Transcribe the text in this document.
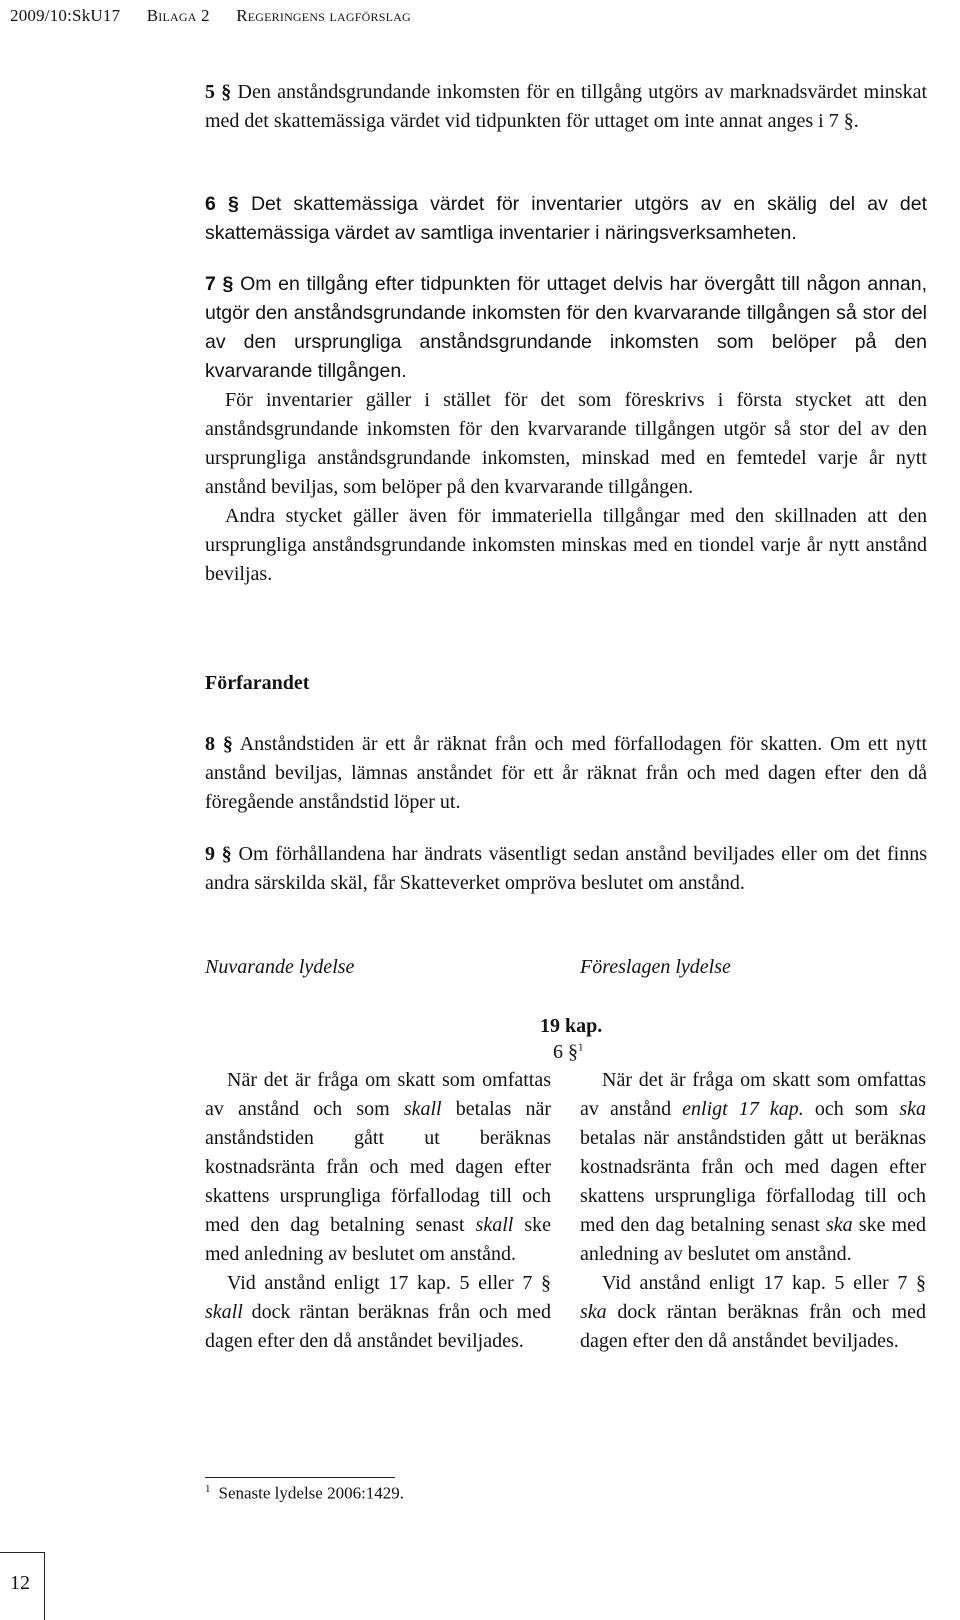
2009/10:SkU17 Bilaga 2 Regeringens lagförslag

5 § Den anståndsgrundande inkomsten för en tillgång utgörs av marknadsvärdet minskat med det skattemässiga värdet vid tidpunkten för uttaget om inte annat anges i 7 §.

6 § Det skattemässiga värdet för inventarier utgörs av en skälig del av det skattemässiga värdet av samtliga inventarier i näringsverksamheten.

7 § Om en tillgång efter tidpunkten för uttaget delvis har övergått till någon annan, utgör den anståndsgrundande inkomsten för den kvarvarande tillgången så stor del av den ursprungliga anståndsgrundande inkomsten som belöper på den kvarvarande tillgången.

För inventarier gäller i stället för det som föreskrivs i första stycket att den anståndsgrundande inkomsten för den kvarvarande tillgången utgör så stor del av den ursprungliga anståndsgrundande inkomsten, minskad med en femtedel varje år nytt anstånd beviljas, som belöper på den kvarvarande tillgången.

Andra stycket gäller även för immateriella tillgångar med den skillnaden att den ursprungliga anståndsgrundande inkomsten minskas med en tiondel varje år nytt anstånd beviljas.

Förfarandet

8 § Anståndstiden är ett år räknat från och med förfallodagen för skatten. Om ett nytt anstånd beviljas, lämnas anståndet för ett år räknat från och med dagen efter den då föregående anståndstid löper ut.

9 § Om förhållandena har ändrats väsentligt sedan anstånd beviljades eller om det finns andra särskilda skäl, får Skatteverket ompröva beslutet om anstånd.

Nuvarande lydelse	Föreslagen lydelse
19 kap.
6 §$^1$

När det är fråga om skatt som omfattas av anstånd och som skall betalas när anståndstiden gått ut beräknas kostnadsränta från och med dagen efter skattens ursprungliga förfallodag till och med den dag betalning senast skall ske med anledning av beslutet om anstånd.

Vid anstånd enligt 17 kap. 5 eller 7 § skall dock räntan beräknas från och med dagen efter den då anståndet beviljades.

När det är fråga om skatt som omfattas av anstånd enligt 17 kap. och som ska betalas när anståndstiden gått ut beräknas kostnadsränta från och med dagen efter skattens ursprungliga förfallodag till och med den dag betalning senast ska ske med anledning av beslutet om anstånd.

Vid anstånd enligt 17 kap. 5 eller 7 § ska dock räntan beräknas från och med dagen efter den då anståndet beviljades.

$^1$ Senaste lydelse 2006:1429.
12
